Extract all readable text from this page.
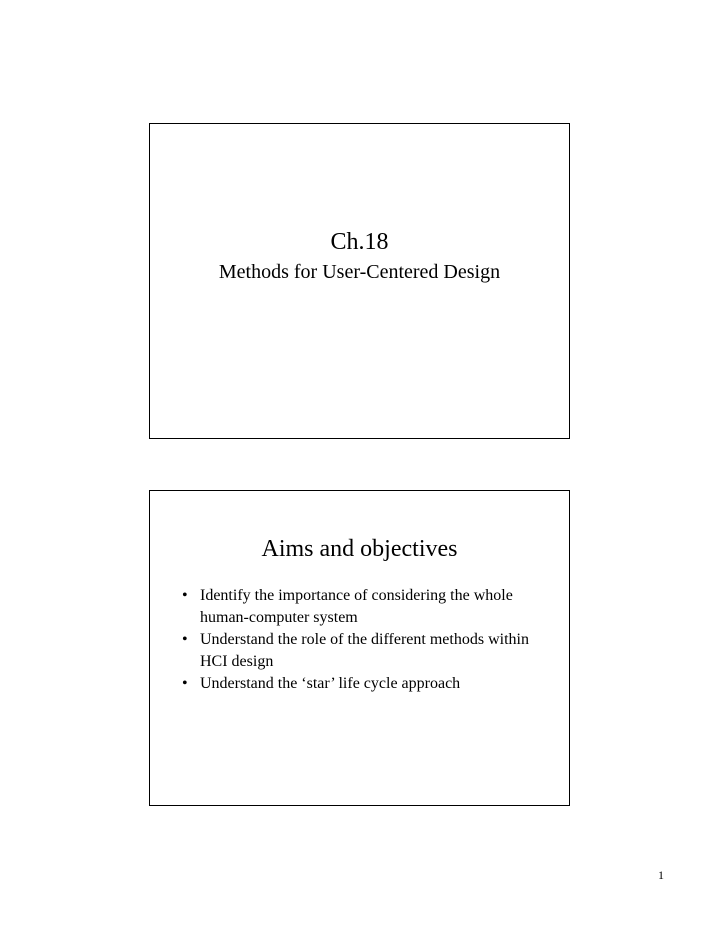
Ch.18
Methods for User-Centered Design
Aims and objectives
• Identify the importance of considering the whole human-computer system
• Understand the role of the different methods within HCI design
• Understand the ‘star’ life cycle approach
1
